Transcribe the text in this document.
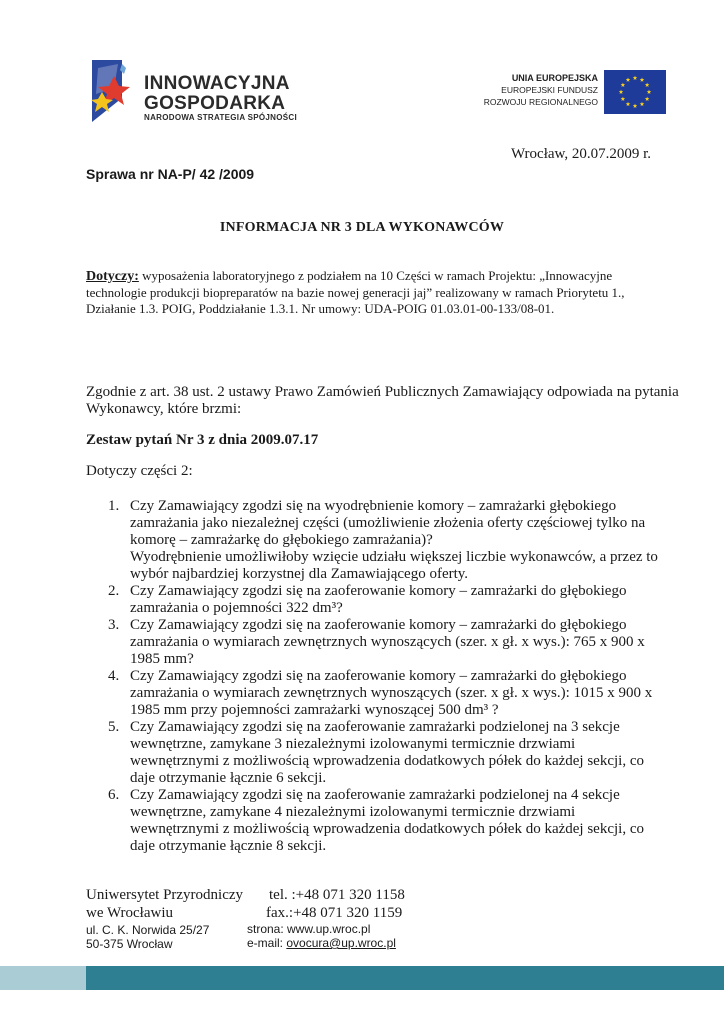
INNOWACYJNA
GOSPODARKA
NARODOWA STRATEGIA SPÓJNOŚCI
UNIA EUROPEJSKA
EUROPEJSKI FUNDUSZ
ROZWOJU REGIONALNEGO
Wrocław, 20.07.2009 r.
Sprawa nr NA-P/ 42 /2009
INFORMACJA NR 3 DLA WYKONAWCÓW
Dotyczy: wyposażenia laboratoryjnego z podziałem na 10 Części w ramach Projektu: „Innowacyjne technologie produkcji biopreparatów na bazie nowej generacji jaj” realizowany w ramach Priorytetu 1., Działanie 1.3. POIG, Poddziałanie 1.3.1. Nr umowy: UDA-POIG 01.03.01-00-133/08-01.
Zgodnie z art. 38 ust. 2 ustawy Prawo Zamówień Publicznych Zamawiający odpowiada na pytania Wykonawcy, które brzmi:
Zestaw pytań Nr 3 z dnia 2009.07.17
Dotyczy części 2:
1. Czy Zamawiający zgodzi się na wyodrębnienie komory – zamrażarki głębokiego zamrażania jako niezależnej części (umożliwienie złożenia oferty częściowej tylko na komorę – zamrażarkę do głębokiego zamrażania)?
Wyodrębnienie umożliwiłoby wzięcie udziału większej liczbie wykonawców, a przez to wybór najbardziej korzystnej dla Zamawiającego oferty.
2. Czy Zamawiający zgodzi się na zaoferowanie komory – zamrażarki do głębokiego zamrażania o pojemności 322 dm³?
3. Czy Zamawiający zgodzi się na zaoferowanie komory – zamrażarki do głębokiego zamrażania o wymiarach zewnętrznych wynoszących (szer. x gł. x wys.): 765 x 900 x 1985 mm?
4. Czy Zamawiający zgodzi się na zaoferowanie komory – zamrażarki do głębokiego zamrażania o wymiarach zewnętrznych wynoszących (szer. x gł. x wys.): 1015 x 900 x 1985 mm przy pojemności zamrażarki wynoszącej 500 dm³ ?
5. Czy Zamawiający zgodzi się na zaoferowanie zamrażarki podzielonej na 3 sekcje wewnętrzne, zamykane 3 niezależnymi izolowanymi termicznie drzwiami wewnętrznymi z możliwością wprowadzenia dodatkowych półek do każdej sekcji, co daje otrzymanie łącznie 6 sekcji.
6. Czy Zamawiający zgodzi się na zaoferowanie zamrażarki podzielonej na 4 sekcje wewnętrzne, zamykane 4 niezależnymi izolowanymi termicznie drzwiami wewnętrznymi z możliwością wprowadzenia dodatkowych półek do każdej sekcji, co daje otrzymanie łącznie 8 sekcji.
Uniwersytet Przyrodniczy
we Wrocławiu
ul. C. K. Norwida 25/27
50-375 Wrocław
tel. :+48 071 320 1158
fax.:+48 071 320 1159
strona: www.up.wroc.pl
e-mail: ovocura@up.wroc.pl
